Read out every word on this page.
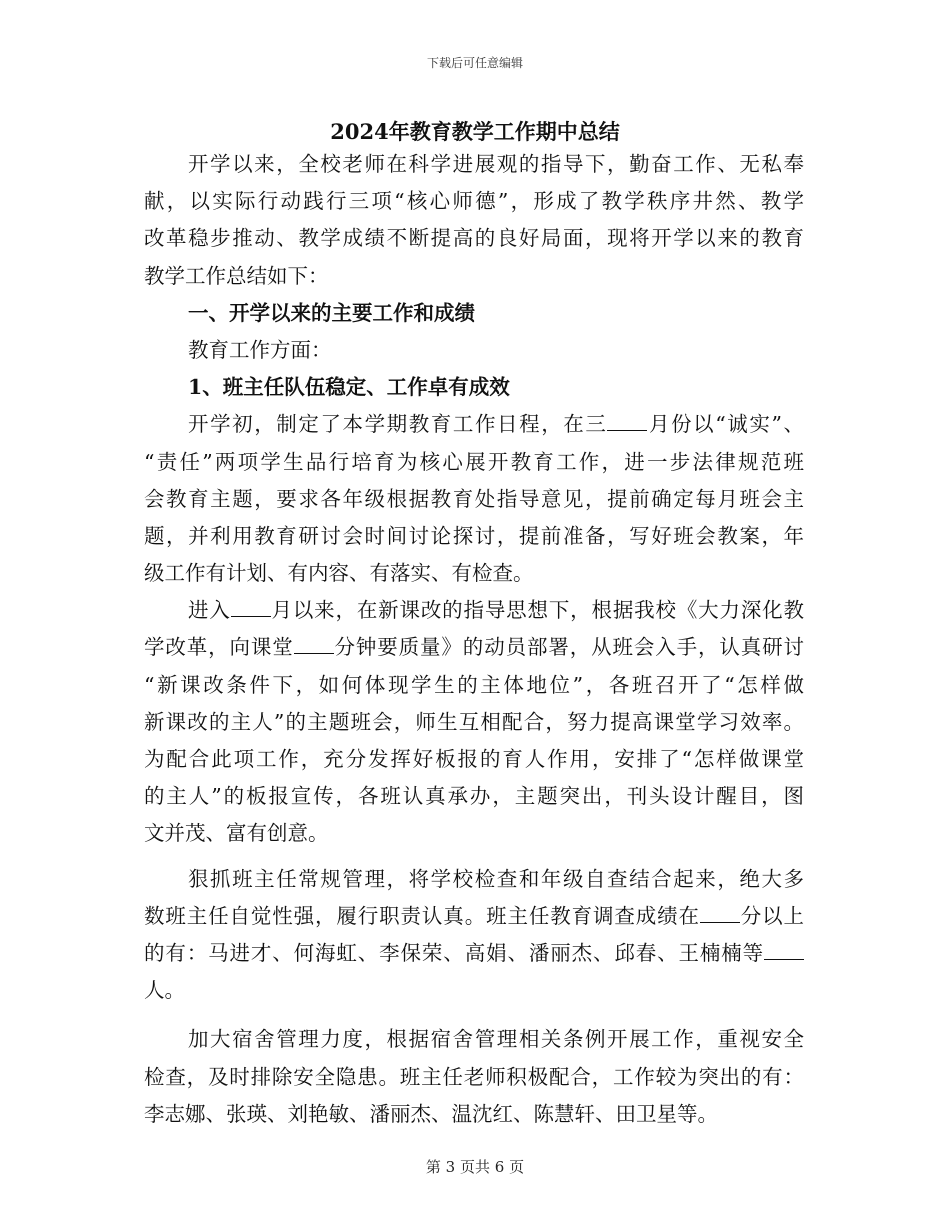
下载后可任意编辑
2024年教育教学工作期中总结
开学以来，全校老师在科学进展观的指导下，勤奋工作、无私奉
献，以实际行动践行三项“核心师德”，形成了教学秩序井然、教学
改革稳步推动、教学成绩不断提高的良好局面，现将开学以来的教育
教学工作总结如下：
一、开学以来的主要工作和成绩
教育工作方面：
1、班主任队伍稳定、工作卓有成效
开学初，制定了本学期教育工作日程，在三 月份以“诚实”、
“责任”两项学生品行培育为核心展开教育工作，进一步法律规范班
会教育主题，要求各年级根据教育处指导意见，提前确定每月班会主
题，并利用教育研讨会时间讨论探讨，提前准备，写好班会教案，年
级工作有计划、有内容、有落实、有检查。
进入 月以来，在新课改的指导思想下，根据我校《大力深化教
学改革，向课堂 分钟要质量》的动员部署，从班会入手，认真研讨
“新课改条件下，如何体现学生的主体地位”，各班召开了“怎样做
新课改的主人”的主题班会，师生互相配合，努力提高课堂学习效率。
为配合此项工作，充分发挥好板报的育人作用，安排了“怎样做课堂
的主人”的板报宣传，各班认真承办，主题突出，刊头设计醒目，图
文并茂、富有创意。
狠抓班主任常规管理，将学校检查和年级自查结合起来，绝大多
数班主任自觉性强，履行职责认真。班主任教育调查成绩在 分以上
的有：马进才、何海虹、李保荣、高娟、潘丽杰、邱春、王楠楠等
人。
加大宿舍管理力度，根据宿舍管理相关条例开展工作，重视安全
检查，及时排除安全隐患。班主任老师积极配合，工作较为突出的有：
李志娜、张瑛、刘艳敏、潘丽杰、温沈红、陈慧轩、田卫星等。
第 3 页共 6 页
